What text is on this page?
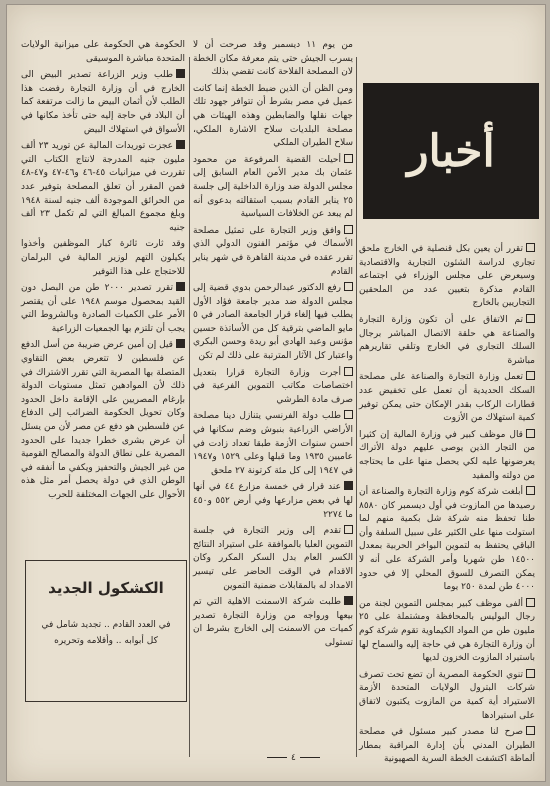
أخبار

تقرر أن يعين بكل قنصلية في الخارج ملحق تجاري لدراسة الشئون التجارية والاقتصادية وسيعرض على مجلس الوزراء في اجتماعه القادم مذكرة بتعيين عدد من الملحقين التجاريين بالخارج

تم الاتفاق على أن تكون وزارة التجارة والصناعة هي حلقة الاتصال المباشر برجال السلك التجاري في الخارج وتلقي تقاريرهم مباشرة

تعمل وزارة التجارة والصناعة على مصلحة السكك الحديدية أن تعمل على تخفيض عدد قطارات الركاب بقدر الإمكان حتى يمكن توفير كمية استهلاك من الأزوت

قال موظف كبير في وزارة المالية إن كثيرا من التجار الذين يوصى عليهم دولة الأتراك يعرضونها عليه لكي يحصل منها على ما يحتاجه من دولته والمفيد

أبلغت شركة كوم وزارة التجارة والصناعة أن رصيدها من المازوت في أول ديسمبر كان ٨٥٨٠ طنا تحفظ منه شركة شل بكمية منهم لما استولت منها على الكثير على سبيل السلفة وأن الباقي يحتفظ به لتموين البواخر الحربية بمعدل ١٤٥٠٠ طن شهريا وأمر الشركة على أنه لا يمكن التصرف للسوق المحلي إلا في حدود ٤٠٠٠ طن لمدة ٢٥٠ يوما

ألفى موظف كبير بمجلس التموين لجنة من رجال البوليس بالمحافظة ومشتملة على ٢٥ مليون طن من المواد الكيماوية تقوم شركة كوم أن وزارة التجارة هي في حاجة إليه والسماح لها باستيراد المازوت الخزون لديها

تنوي الحكومة المصرية أن تضع تحت تصرف شركات البترول الولايات المتحدة الأزمة الاستيراد أية كمية من المازوت يكتبون لاتفاق على استيرادها

صرح لنا مصدر كبير مسئول في مصلحة الطيران المدني بأن إدارة المراقبة بمطار ألماظة اكتشفت الخطة السرية الصهيونية

من يوم ١١ ديسمبر وقد صرحت أن لا يسرب الجيش حتى يتم معرفة مكان الخطة لان المصلحة الفلاحة كانت تقضي بذلك

ومن الظن أن الذين ضبط الخطة إنما كانت عميل في مصر بشرط أن تتوافر جهود تلك جهات نقلها والضابطين وهذه الهيئات هي مصلحة البلديات سلاح الاشارة الملكي، سلاح الطيران الملكي

أحيلت القضية المرفوعة من محمود عثمان بك مدير الأمن العام السابق إلى مجلس الدولة ضد وزارة الداخلية إلى جلسة ٢٥ يناير القادم بسبب استقالته بدعوى أنه لم يبعد عن الخلافات السياسية

وافق وزير التجارة على تمثيل مصلحة الأسماك في مؤتمر الفنون الدولي الذي تقرر عقده في مدينة القاهرة في شهر يناير القادم

رفع الدكتور عبدالرحمن بدوي قضية إلى مجلس الدولة ضد مدير جامعة فؤاد الأول يطلب فيها إلغاء قرار الجامعة الصادر في ٥ مايو الماضي بترقية كل من الأساتذة حسين مؤنس وعبد الهادي أبو ريدة وحسن البكري واعتبار كل الآثار المترتبة على ذلك لم تكن

أجرت وزارة التجارة قرارا بتعديل اختصاصات مكاتب التموين الفرعية في صرف مادة الطرشي

طلب دولة الفرنسي يتنازل دينا مصلحة الأراضي الزراعية بنبوش وضم سكانها في أحسن سنوات الأزمة طبقا تعداد زادت في عاميين ١٩٣٥ وما قبلها وعلى ١٥٢٩ و١٩٤٧ في ١٩٤٧ إلى كل مئة كرتونة ٢٧ ملحق

عند قرار في خمسة مزارع ٤٤ في أنها لها في بعض مزارعها وفي أرض ٥٥٢ و٤٥٠ ما ٢٢٧٤

تقدم إلى وزير التجارة في جلسة التموين العليا بالموافقة على استيراد النتائج الكسر العام بدل السكر المكرر وكان الاقدام في الوقت الحاضر على تيسير الامداد له بالمقابلات ضمنية التموين

طلبت شركة الاسمنت الاهلية التي تم بيعها ورواجه من وزارة التجارة تصدير كميات من الاسمنت إلى الخارج بشرط ان تستولى

الحكومة هي الحكومة على ميزانية الولايات المتحدة مباشرة الموسيقى

طلب وزير الزراعة تصدير البيض الى الخارج في أن وزارة التجارة رفضت هذا الطلب لأن أثمان البيض ما زالت مرتفعة كما أن البلاد في حاجة إليه حتى تأخذ مكانها في الأسواق في استهلاك البيض

عجزت توريدات المالية عن توريد ٢٣ ألف مليون جنيه المدرجة لانتاج الكتاب التي تقررت في ميزانيات ٤٥-٤٦ و٤٦-٤٧ و٤٧-٤٨ فمن المقرر أن تعلق المصلحة بتوفير عدد من الحرائق الموجودة ألف جنيه لسنة ١٩٤٨ وبلغ مجموع المبالغ التي لم تكمل ٢٣ ألف جنيه

وقد ثارت ثائرة كبار الموظفين وأخذوا يكيلون التهم لوزير المالية في البرلمان للاحتجاج على هذا التوفير

تقرر تصدير ٢٠٠٠ طن من البصل دون القيد بمحصول موسم ١٩٤٨ على أن يقتصر الأمر على الكميات الصادرة وبالشروط التي يجب أن تلتزم بها الجمعيات الزراعية

قيل إن أمين عرض ضريبة من أسل الدفع عن فلسطين لا تتعرض بعض التقاوي المتصلة بها المصرية التي تقرر الاشتراك في ذلك لأن الموادهين تمثل مستويات الدولة بإرغام المصريين على الإقامة داخل الحدود وكان تحويل الحكومة الضرائب إلى الدفاع عن فلسطين هو دفع عن مصر لأن من يسئل أن عرض بشرى خطرا جديدا على الحدود المصرية على نطاق الدولة والمصالح القومية من غير الجيش والتحفيز ويكفي ما أنفقه في الوطن الذي في دولة يحصل أمر مثل هذه الأحوال على الجهات المختلفة للحرب

الكشكول الجديد
في العدد القادم .. تجديد شامل في كل أبوابه .. وأقلامه وتحريره
٤
